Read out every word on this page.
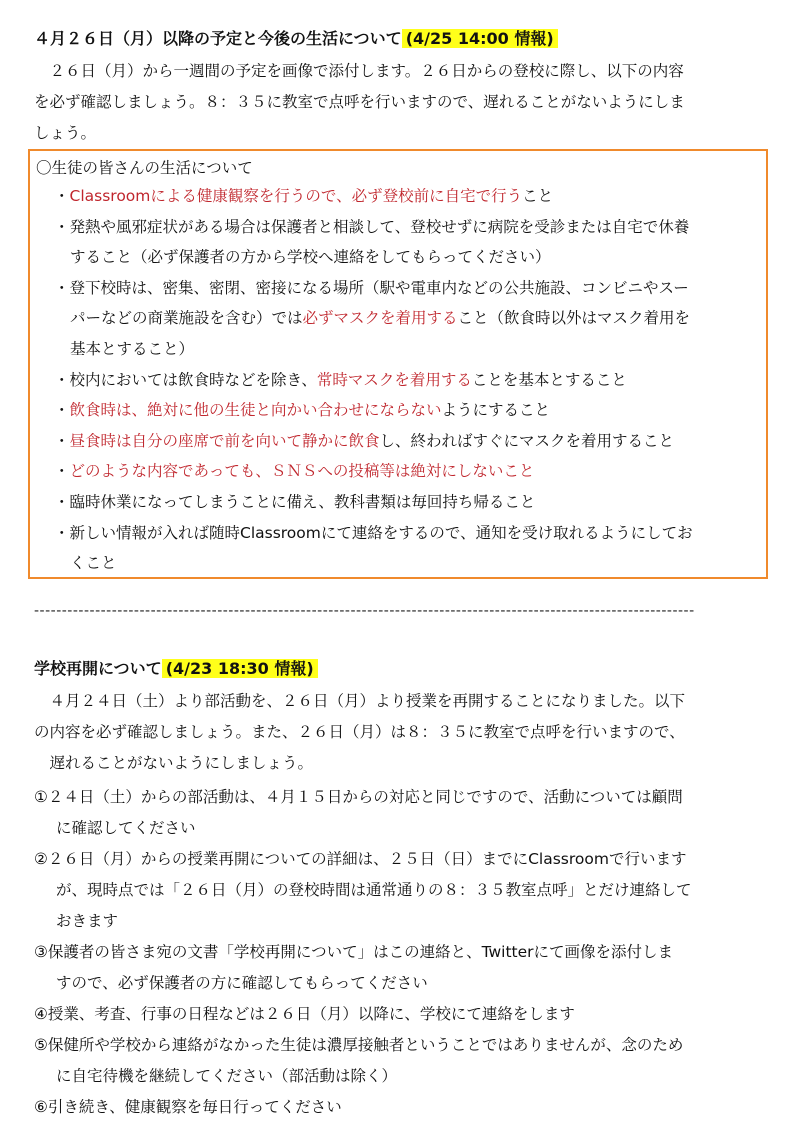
４月２６日（月）以降の予定と今後の生活について (4/25 14:00 情報)
２６日（月）から一週間の予定を画像で添付します。２６日からの登校に際し、以下の内容
を必ず確認しましょう。８：３５に教室で点呼を行いますので、遅れることがないようにしま
しょう。
〇生徒の皆さんの生活について
・Classroomによる健康観察を行うので、必ず登校前に自宅で行うこと
・発熱や風邪症状がある場合は保護者と相談して、登校せずに病院を受診または自宅で休養
すること（必ず保護者の方から学校へ連絡をしてもらってください）
・登下校時は、密集、密閉、密接になる場所（駅や電車内などの公共施設、コンビニやスー
パーなどの商業施設を含む）では必ずマスクを着用すること（飲食時以外はマスク着用を
基本とすること）
・校内においては飲食時などを除き、常時マスクを着用することを基本とすること
・飲食時は、絶対に他の生徒と向かい合わせにならないようにすること
・昼食時は自分の座席で前を向いて静かに飲食し、終わればすぐにマスクを着用すること
・どのような内容であっても、ＳＮＳへの投稿等は絶対にしないこと
・臨時休業になってしまうことに備え、教科書類は毎回持ち帰ること
・新しい情報が入れば随時Classroomにて連絡をするので、通知を受け取れるようにしてお
くこと
-----------------------------------------------------------------------------------------------------------------------
学校再開について (4/23 18:30 情報)
４月２４日（土）より部活動を、２６日（月）より授業を再開することになりました。以下
の内容を必ず確認しましょう。また、２６日（月）は８：３５に教室で点呼を行いますので、
遅れることがないようにしましょう。
①２４日（土）からの部活動は、４月１５日からの対応と同じですので、活動については顧問
に確認してください
②２６日（月）からの授業再開についての詳細は、２５日（日）までにClassroomで行います
が、現時点では「２６日（月）の登校時間は通常通りの８：３５教室点呼」とだけ連絡して
おきます
③保護者の皆さま宛の文書「学校再開について」はこの連絡と、Twitterにて画像を添付しま
すので、必ず保護者の方に確認してもらってください
④授業、考査、行事の日程などは２６日（月）以降に、学校にて連絡をします
⑤保健所や学校から連絡がなかった生徒は濃厚接触者ということではありませんが、念のため
に自宅待機を継続してください（部活動は除く）
⑥引き続き、健康観察を毎日行ってください
